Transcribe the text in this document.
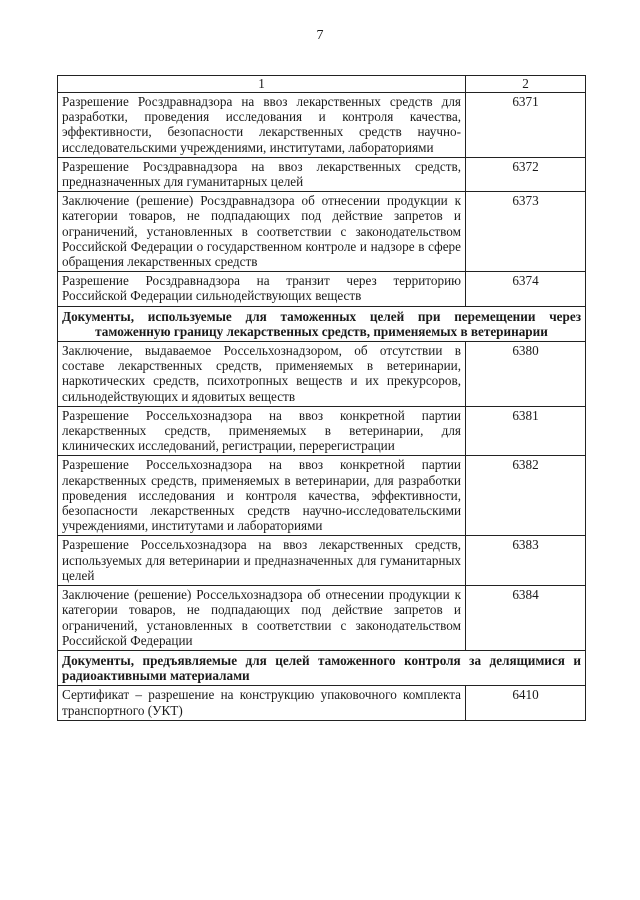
7
1	2
Разрешение Росздравнадзора на ввоз лекарственных средств для разработки, проведения исследования и контроля качества, эффективности, безопасности лекарственных средств научно-исследовательскими учреждениями, институтами, лабораториями	6371
Разрешение Росздравнадзора на ввоз лекарственных средств, предназначенных для гуманитарных целей	6372
Заключение (решение) Росздравнадзора об отнесении продукции к категории товаров, не подпадающих под действие запретов и ограничений, установленных в соответствии с законодательством Российской Федерации о государственном контроле и надзоре в сфере обращения лекарственных средств	6373
Разрешение Росздравнадзора на транзит через территорию Российской Федерации сильнодействующих веществ	6374
Документы, используемые для таможенных целей при перемещении через таможенную границу лекарственных средств, применяемых в ветеринарии	
Заключение, выдаваемое Россельхознадзором, об отсутствии в составе лекарственных средств, применяемых в ветеринарии, наркотических средств, психотропных веществ и их прекурсоров, сильнодействующих и ядовитых веществ	6380
Разрешение Россельхознадзора на ввоз конкретной партии лекарственных средств, применяемых в ветеринарии, для клинических исследований, регистрации, перерегистрации	6381
Разрешение Россельхознадзора на ввоз конкретной партии лекарственных средств, применяемых в ветеринарии, для разработки проведения исследования и контроля качества, эффективности, безопасности лекарственных средств научно-исследовательскими учреждениями, институтами и лабораториями	6382
Разрешение Россельхознадзора на ввоз лекарственных средств, используемых для ветеринарии и предназначенных для гуманитарных целей	6383
Заключение (решение) Россельхознадзора об отнесении продукции к категории товаров, не подпадающих под действие запретов и ограничений, установленных в соответствии с законодательством Российской Федерации	6384
Документы, предъявляемые для целей таможенного контроля за делящимися и радиоактивными материалами	
Сертификат – разрешение на конструкцию упаковочного комплекта транспортного (УКТ)	6410
